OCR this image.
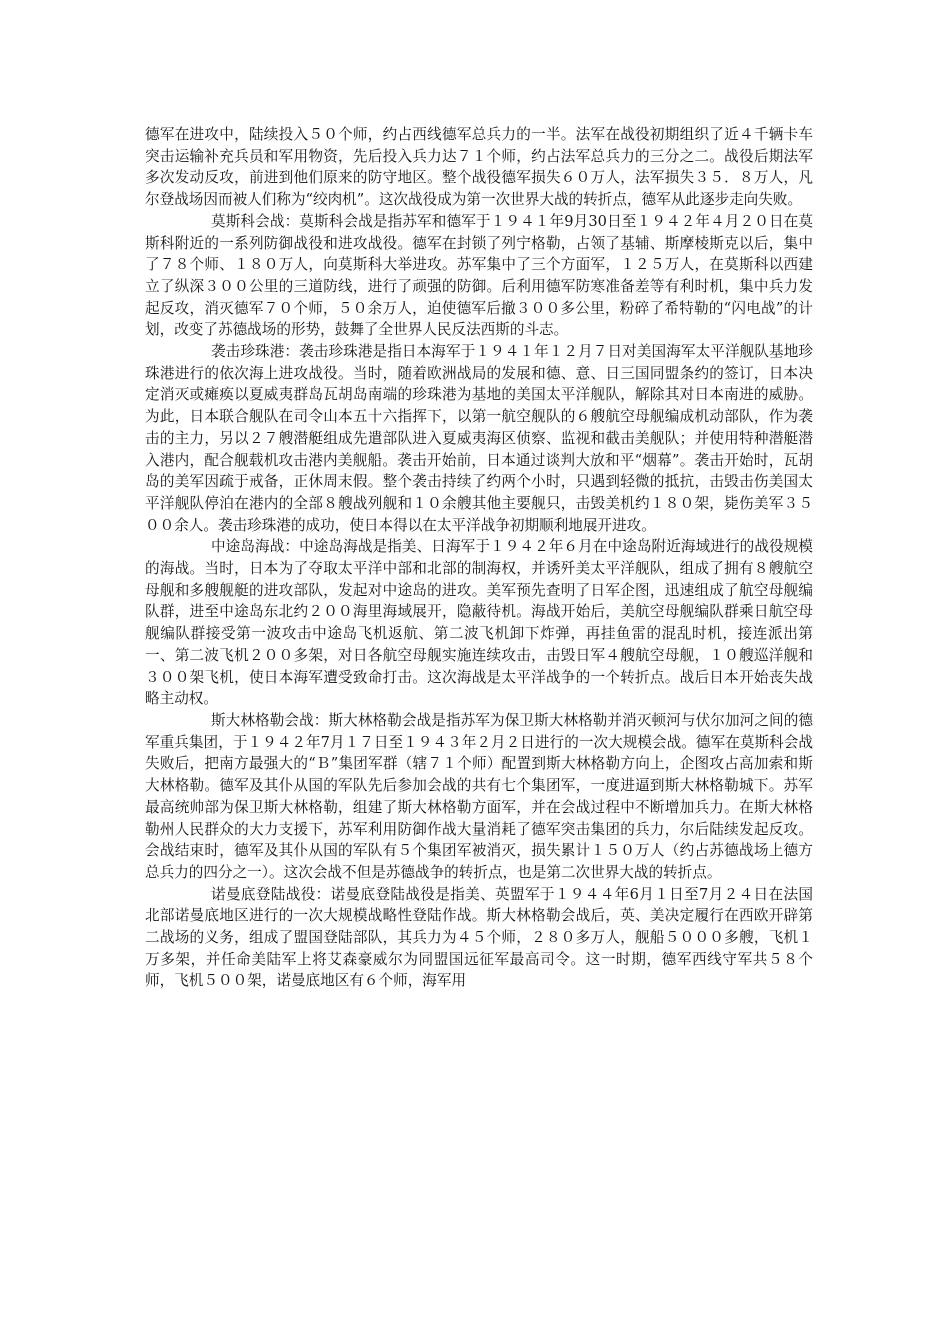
德军在进攻中，陆续投入５０个师，约占西线德军总兵力的一半。法军在战役初期组织了近４千辆卡车突击运输补充兵员和军用物资，先后投入兵力达７１个师，约占法军总兵力的三分之二。战役后期法军多次发动反攻，前进到他们原来的防守地区。整个战役德军损失６０万人，法军损失３５．８万人，凡尔登战场因而被人们称为“绞肉机”。这次战役成为第一次世界大战的转折点，德军从此逐步走向失败。

莫斯科会战：莫斯科会战是指苏军和德军于１９４１年9月30日至１９４２年４月２０日在莫斯科附近的一系列防御战役和进攻战役。德军在封锁了列宁格勒，占领了基辅、斯摩棱斯克以后，集中了７８个师、１８０万人，向莫斯科大举进攻。苏军集中了三个方面军，１２５万人，在莫斯科以西建立了纵深３００公里的三道防线，进行了顽强的防御。后利用德军防寒准备差等有利时机，集中兵力发起反攻，消灭德军７０个师，５０余万人，迫使德军后撤３００多公里，粉碎了希特勒的“闪电战”的计划，改变了苏德战场的形势，鼓舞了全世界人民反法西斯的斗志。

袭击珍珠港：袭击珍珠港是指日本海军于１９４１年１２月７日对美国海军太平洋舰队基地珍珠港进行的依次海上进攻战役。当时，随着欧洲战局的发展和德、意、日三国同盟条约的签订，日本决定消灭或瘫痪以夏威夷群岛瓦胡岛南端的珍珠港为基地的美国太平洋舰队，解除其对日本南进的威胁。为此，日本联合舰队在司令山本五十六指挥下，以第一航空舰队的６艘航空母舰编成机动部队，作为袭击的主力，另以２７艘潜艇组成先遣部队进入夏威夷海区侦察、监视和截击美舰队；并使用特种潜艇潜入港内，配合舰载机攻击港内美舰船。袭击开始前，日本通过谈判大放和平“烟幕”。袭击开始时，瓦胡岛的美军因疏于戒备，正休周末假。整个袭击持续了约两个小时，只遇到轻微的抵抗，击毁击伤美国太平洋舰队停泊在港内的全部８艘战列舰和１０余艘其他主要舰只，击毁美机约１８０架，毙伤美军３５００余人。袭击珍珠港的成功，使日本得以在太平洋战争初期顺利地展开进攻。

中途岛海战：中途岛海战是指美、日海军于１９４２年６月在中途岛附近海域进行的战役规模的海战。当时，日本为了夺取太平洋中部和北部的制海权，并诱歼美太平洋舰队，组成了拥有８艘航空母舰和多艘舰艇的进攻部队，发起对中途岛的进攻。美军预先查明了日军企图，迅速组成了航空母舰编队群，进至中途岛东北约２００海里海域展开，隐蔽待机。海战开始后，美航空母舰编队群乘日航空母舰编队群接受第一波攻击中途岛飞机返航、第二波飞机卸下炸弹，再挂鱼雷的混乱时机，接连派出第一、第二波飞机２００多架，对日各航空母舰实施连续攻击，击毁日军４艘航空母舰，１０艘巡洋舰和３００架飞机，使日本海军遭受致命打击。这次海战是太平洋战争的一个转折点。战后日本开始丧失战略主动权。

斯大林格勒会战：斯大林格勒会战是指苏军为保卫斯大林格勒并消灭顿河与伏尔加河之间的德军重兵集团，于１９４２年7月１７日至１９４３年２月２日进行的一次大规模会战。德军在莫斯科会战失败后，把南方最强大的“Ｂ”集团军群（辖７１个师）配置到斯大林格勒方向上，企图攻占高加索和斯大林格勒。德军及其仆从国的军队先后参加会战的共有七个集团军，一度进逼到斯大林格勒城下。苏军最高统帅部为保卫斯大林格勒，组建了斯大林格勒方面军，并在会战过程中不断增加兵力。在斯大林格勒州人民群众的大力支援下，苏军利用防御作战大量消耗了德军突击集团的兵力，尔后陆续发起反攻。会战结束时，德军及其仆从国的军队有５个集团军被消灭，损失累计１５０万人（约占苏德战场上德方总兵力的四分之一）。这次会战不但是苏德战争的转折点，也是第二次世界大战的转折点。

诺曼底登陆战役：诺曼底登陆战役是指美、英盟军于１９４４年6月１日至7月２４日在法国北部诺曼底地区进行的一次大规模战略性登陆作战。斯大林格勒会战后，英、美决定履行在西欧开辟第二战场的义务，组成了盟国登陆部队，其兵力为４５个师，２８０多万人，舰船５０００多艘，飞机１万多架，并任命美陆军上将艾森豪威尔为同盟国远征军最高司令。这一时期，德军西线守军共５８个师，飞机５００架，诺曼底地区有６个师，海军用
